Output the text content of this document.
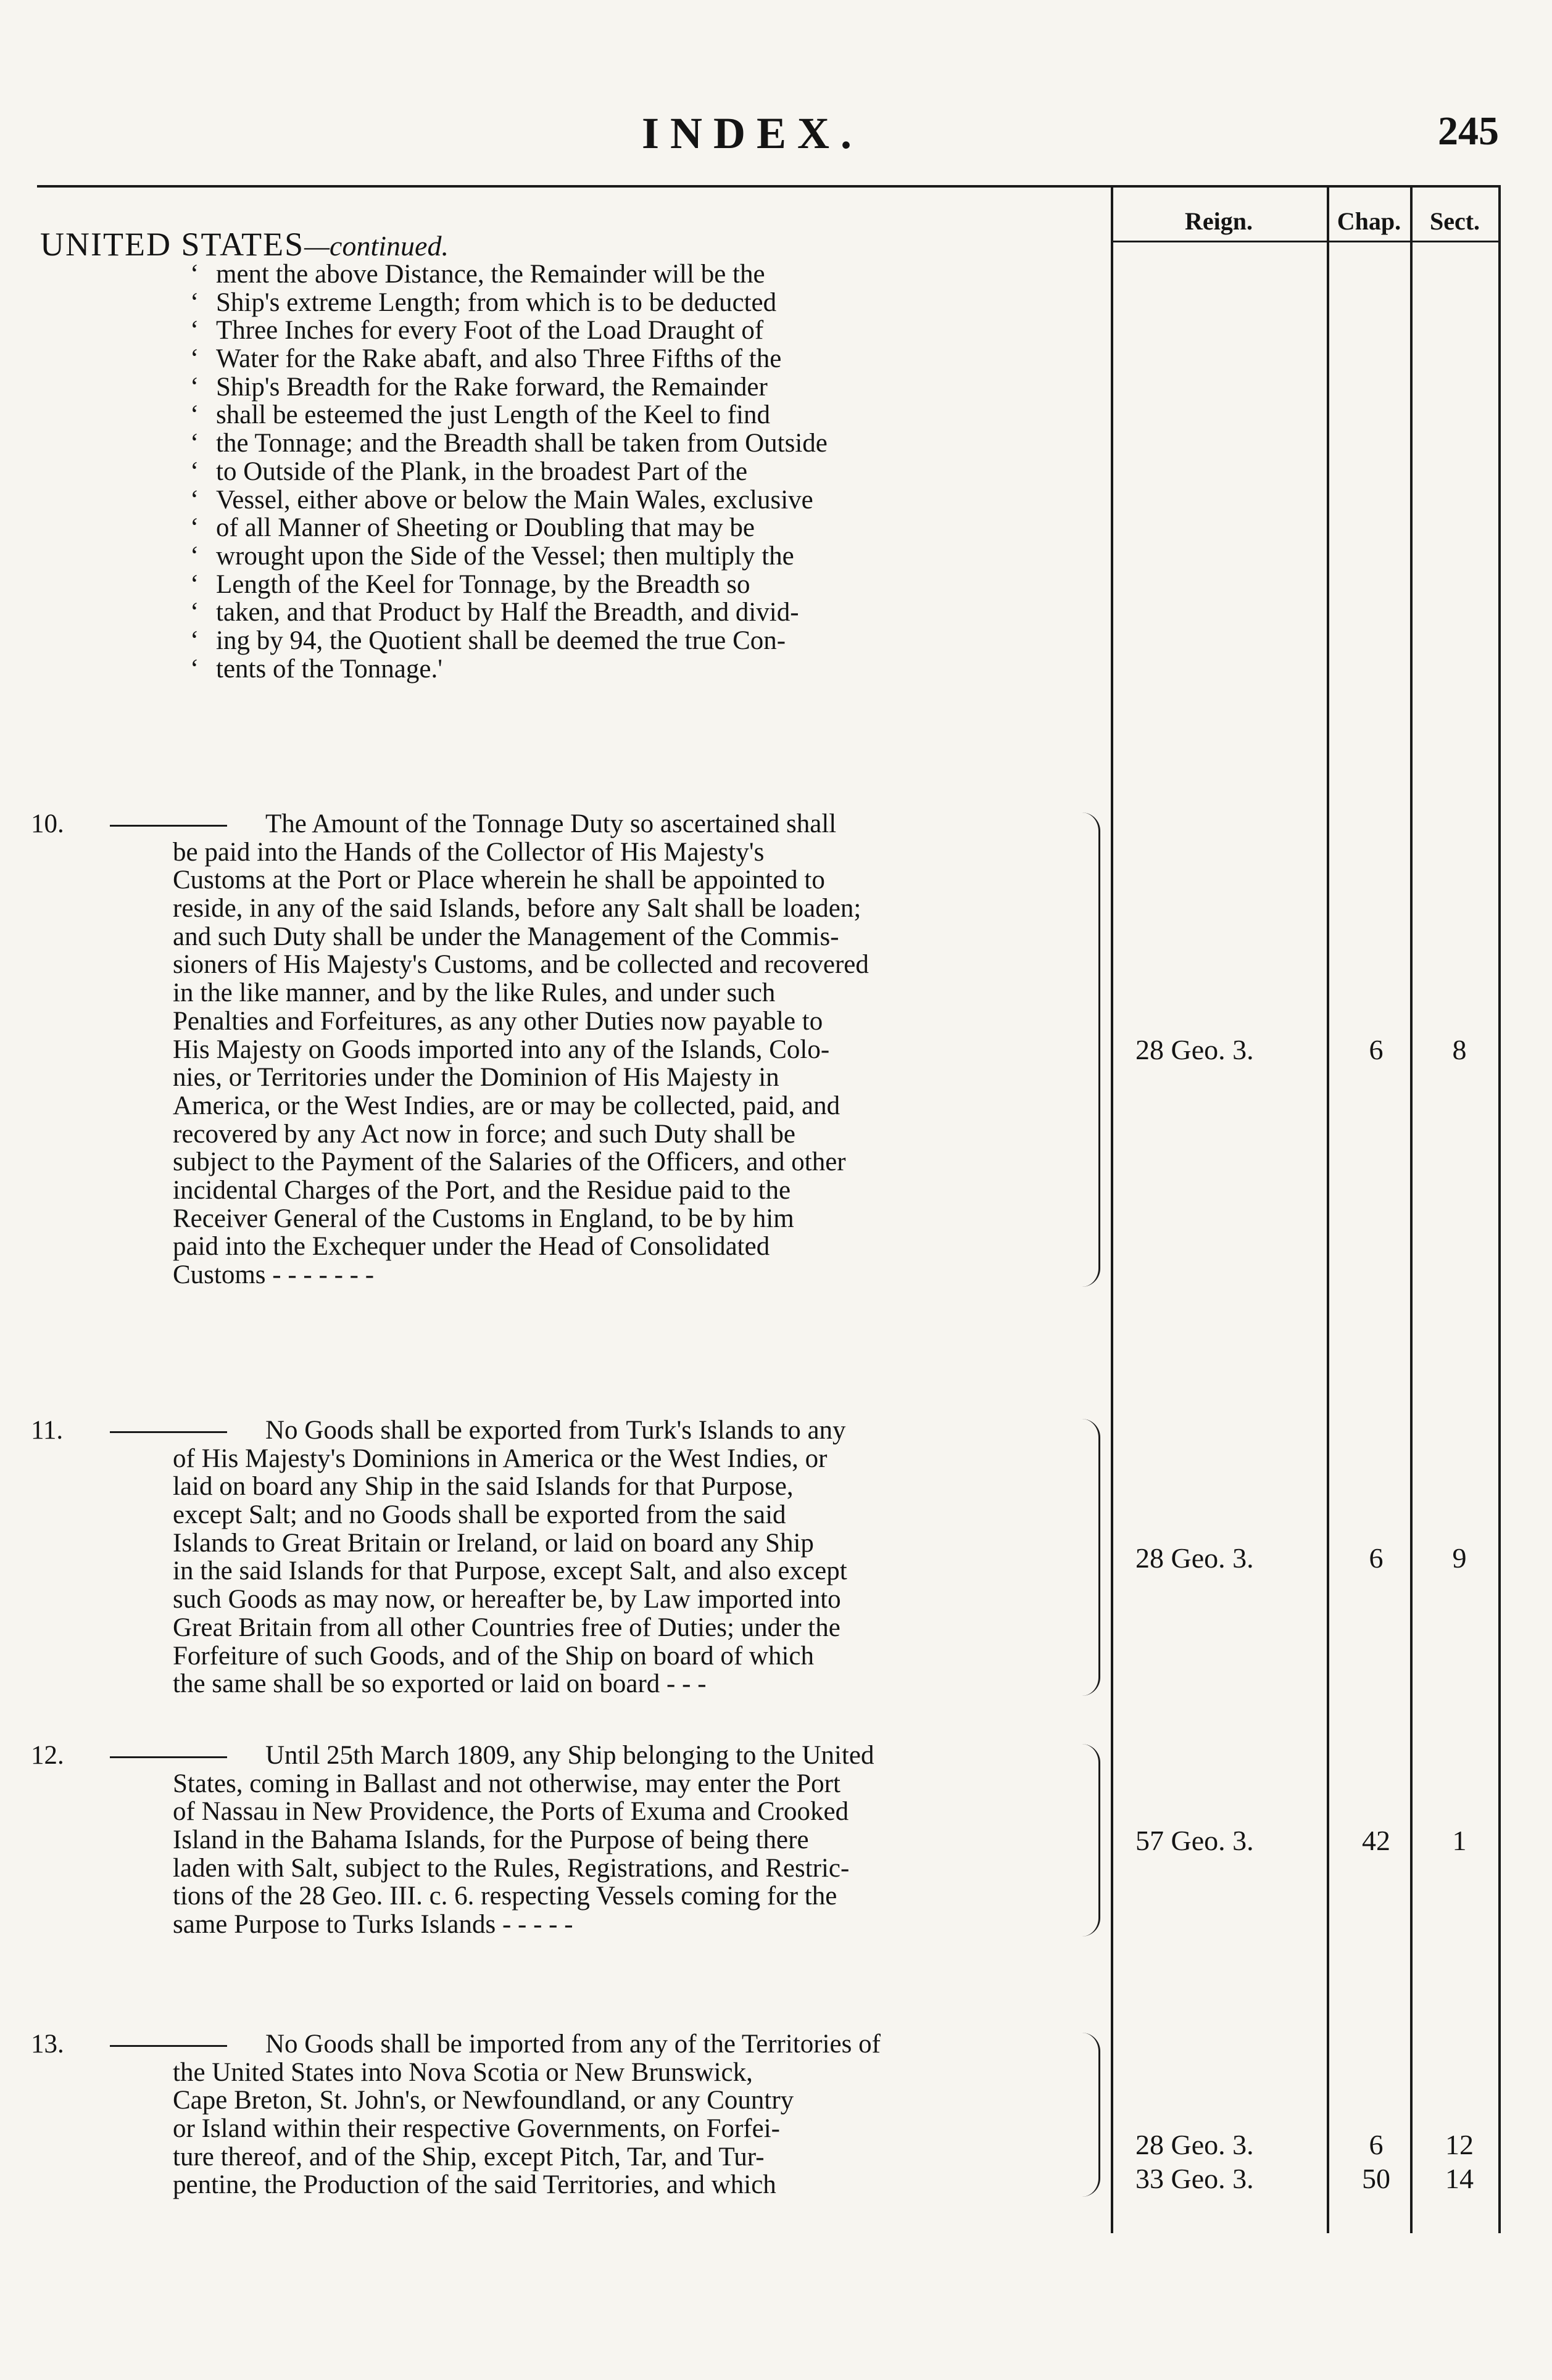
INDEX.	245
Reign.	Chap.	Sect.
UNITED STATES—continued.
‘ ment the above Distance, the Remainder will be the
‘ Ship's extreme Length; from which is to be deducted
‘ Three Inches for every Foot of the Load Draught of
‘ Water for the Rake abaft, and also Three Fifths of the
‘ Ship's Breadth for the Rake forward, the Remainder
‘ shall be esteemed the just Length of the Keel to find
‘ the Tonnage; and the Breadth shall be taken from Outside
‘ to Outside of the Plank, in the broadest Part of the
‘ Vessel, either above or below the Main Wales, exclusive
‘ of all Manner of Sheeting or Doubling that may be
‘ wrought upon the Side of the Vessel; then multiply the
‘ Length of the Keel for Tonnage, by the Breadth so
‘ taken, and that Product by Half the Breadth, and divid-
‘ ing by 94, the Quotient shall be deemed the true Con-
‘ tents of the Tonnage.'
10.	The Amount of the Tonnage Duty so ascertained shall
be paid into the Hands of the Collector of His Majesty's
Customs at the Port or Place wherein he shall be appointed to
reside, in any of the said Islands, before any Salt shall be loaden;
and such Duty shall be under the Management of the Commis-
sioners of His Majesty's Customs, and be collected and recovered
in the like manner, and by the like Rules, and under such
Penalties and Forfeitures, as any other Duties now payable to
His Majesty on Goods imported into any of the Islands, Colo-
nies, or Territories under the Dominion of His Majesty in
America, or the West Indies, are or may be collected, paid, and
recovered by any Act now in force; and such Duty shall be
subject to the Payment of the Salaries of the Officers, and other
incidental Charges of the Port, and the Residue paid to the
Receiver General of the Customs in England, to be by him
paid into the Exchequer under the Head of Consolidated
Customs - - - - - - -
28 Geo. 3.	6	8
11.	No Goods shall be exported from Turk's Islands to any
of His Majesty's Dominions in America or the West Indies, or
laid on board any Ship in the said Islands for that Purpose,
except Salt; and no Goods shall be exported from the said
Islands to Great Britain or Ireland, or laid on board any Ship
in the said Islands for that Purpose, except Salt, and also except
such Goods as may now, or hereafter be, by Law imported into
Great Britain from all other Countries free of Duties; under the
Forfeiture of such Goods, and of the Ship on board of which
the same shall be so exported or laid on board - - -
28 Geo. 3.	6	9
12.	Until 25th March 1809, any Ship belonging to the United
States, coming in Ballast and not otherwise, may enter the Port
of Nassau in New Providence, the Ports of Exuma and Crooked
Island in the Bahama Islands, for the Purpose of being there
laden with Salt, subject to the Rules, Registrations, and Restric-
tions of the 28 Geo. III. c. 6. respecting Vessels coming for the
same Purpose to Turks Islands - - - - -
57 Geo. 3.	42	1
13.	No Goods shall be imported from any of the Territories of
the United States into Nova Scotia or New Brunswick,
Cape Breton, St. John's, or Newfoundland, or any Country
or Island within their respective Governments, on Forfei-
ture thereof, and of the Ship, except Pitch, Tar, and Tur-
pentine, the Production of the said Territories, and which
28 Geo. 3.	6	12
33 Geo. 3.	50	14
